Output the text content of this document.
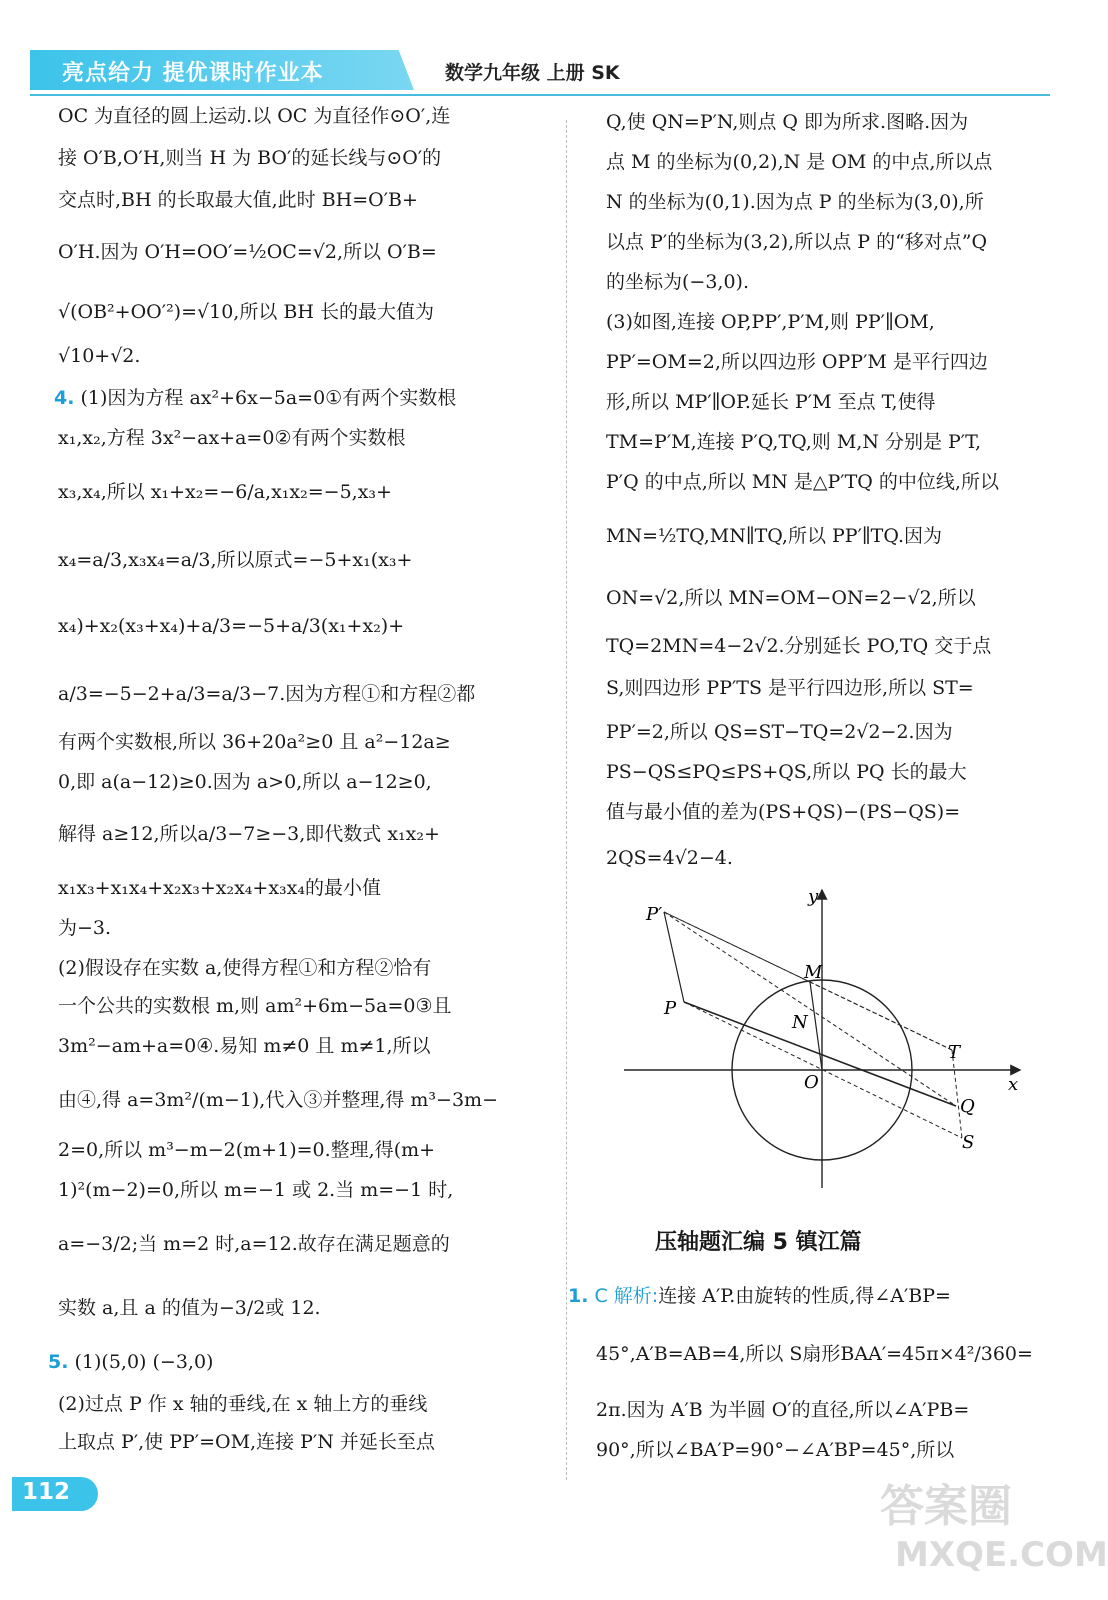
亮点给力 提优课时作业本	数学九年级 上册 SK
OC 为直径的圆上运动.以 OC 为直径作⊙O′,连
接 O′B,O′H,则当 H 为 BO′的延长线与⊙O′的
交点时,BH 的长取最大值,此时 BH=O′B+
O′H.因为 O′H=OO′=½OC=√2,所以 O′B=
√(OB²+OO′²)=√10,所以 BH 长的最大值为
√10+√2.
4. (1)因为方程 ax²+6x−5a=0①有两个实数根
x₁,x₂,方程 3x²−ax+a=0②有两个实数根
x₃,x₄,所以 x₁+x₂=−6/a,x₁x₂=−5,x₃+
x₄=a/3,x₃x₄=a/3,所以原式=−5+x₁(x₃+
x₄)+x₂(x₃+x₄)+a/3=−5+a/3(x₁+x₂)+
a/3=−5−2+a/3=a/3−7.因为方程①和方程②都
有两个实数根,所以 36+20a²≥0 且 a²−12a≥
0,即 a(a−12)≥0.因为 a>0,所以 a−12≥0,
解得 a≥12,所以a/3−7≥−3,即代数式 x₁x₂+
x₁x₃+x₁x₄+x₂x₃+x₂x₄+x₃x₄的最小值
为−3.
(2)假设存在实数 a,使得方程①和方程②恰有
一个公共的实数根 m,则 am²+6m−5a=0③且
3m²−am+a=0④.易知 m≠0 且 m≠1,所以
由④,得 a=3m²/(m−1),代入③并整理,得 m³−3m−
2=0,所以 m³−m−2(m+1)=0.整理,得(m+
1)²(m−2)=0,所以 m=−1 或 2.当 m=−1 时,
a=−3/2;当 m=2 时,a=12.故存在满足题意的
实数 a,且 a 的值为−3/2或 12.
5. (1)(5,0) (−3,0)
(2)过点 P 作 x 轴的垂线,在 x 轴上方的垂线
上取点 P′,使 PP′=OM,连接 P′N 并延长至点
Q,使 QN=P′N,则点 Q 即为所求.图略.因为
点 M 的坐标为(0,2),N 是 OM 的中点,所以点
N 的坐标为(0,1).因为点 P 的坐标为(3,0),所
以点 P′的坐标为(3,2),所以点 P 的“移对点”Q
的坐标为(−3,0).
(3)如图,连接 OP,PP′,P′M,则 PP′∥OM,
PP′=OM=2,所以四边形 OPP′M 是平行四边
形,所以 MP′∥OP.延长 P′M 至点 T,使得
TM=P′M,连接 P′Q,TQ,则 M,N 分别是 P′T,
P′Q 的中点,所以 MN 是△P′TQ 的中位线,所以
MN=½TQ,MN∥TQ,所以 PP′∥TQ.因为
ON=√2,所以 MN=OM−ON=2−√2,所以
TQ=2MN=4−2√2.分别延长 PO,TQ 交于点
S,则四边形 PP′TS 是平行四边形,所以 ST=
PP′=2,所以 QS=ST−TQ=2√2−2.因为
PS−QS≤PQ≤PS+QS,所以 PQ 长的最大
值与最小值的差为(PS+QS)−(PS−QS)=
2QS=4√2−4.
P′
P
M
N
O
T
Q
S
x
y
压轴题汇编 5 镇江篇
1. C 解析:连接 A′P.由旋转的性质,得∠A′BP=
45°,A′B=AB=4,所以 S扇形BAA′=45π×4²/360=
2π.因为 A′B 为半圆 O′的直径,所以∠A′PB=
90°,所以∠BA′P=90°−∠A′BP=45°,所以
112	答案圈
MXQE.COM
